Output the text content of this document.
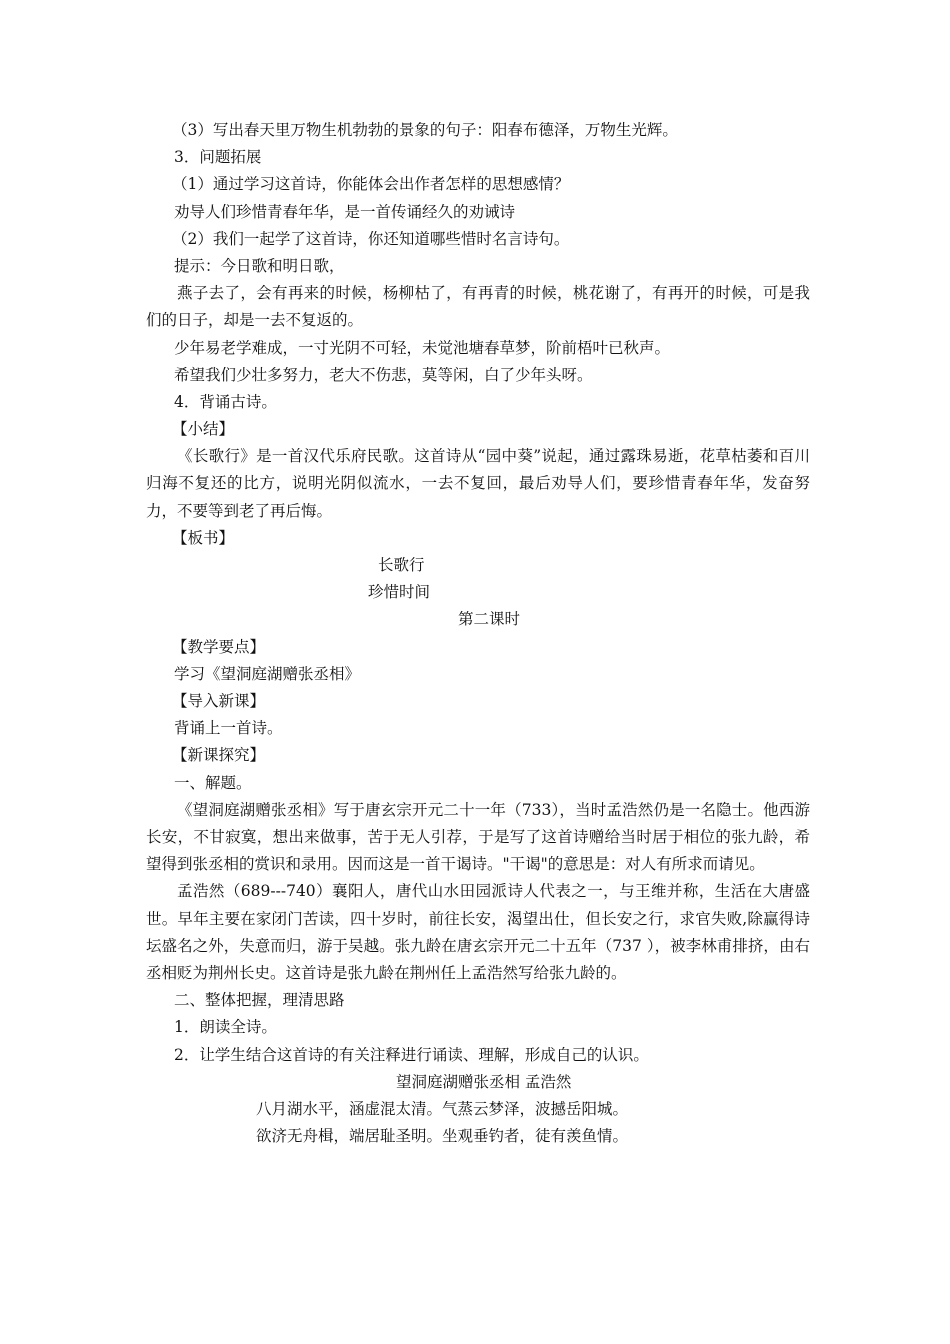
（3）写出春天里万物生机勃勃的景象的句子：阳春布德泽，万物生光辉。
3．问题拓展
（1）通过学习这首诗，你能体会出作者怎样的思想感情？
劝导人们珍惜青春年华，是一首传诵经久的劝诫诗
（2）我们一起学了这首诗，你还知道哪些惜时名言诗句。
提示：今日歌和明日歌，
燕子去了，会有再来的时候，杨柳枯了，有再青的时候，桃花谢了，有再开的时候，可是我们的日子，却是一去不复返的。
少年易老学难成，一寸光阴不可轻，未觉池塘春草梦，阶前梧叶已秋声。
希望我们少壮多努力，老大不伤悲，莫等闲，白了少年头呀。
4．背诵古诗。
【小结】
《长歌行》是一首汉代乐府民歌。这首诗从“园中葵”说起，通过露珠易逝，花草枯萎和百川归海不复还的比方，说明光阴似流水，一去不复回，最后劝导人们，要珍惜青春年华，发奋努力，不要等到老了再后悔。
【板书】
长歌行
珍惜时间
第二课时
【教学要点】
学习《望洞庭湖赠张丞相》
【导入新课】
背诵上一首诗。
【新课探究】
一、解题。
《望洞庭湖赠张丞相》写于唐玄宗开元二十一年（733），当时孟浩然仍是一名隐士。他西游长安，不甘寂寞，想出来做事，苦于无人引荐，于是写了这首诗赠给当时居于相位的张九龄，希望得到张丞相的赏识和录用。因而这是一首干谒诗。"干谒"的意思是：对人有所求而请见。
孟浩然（689---740）襄阳人，唐代山水田园派诗人代表之一，与王维并称，生活在大唐盛世。早年主要在家闭门苦读，四十岁时，前往长安，渴望出仕，但长安之行，求官失败,除赢得诗坛盛名之外，失意而归，游于吴越。张九龄在唐玄宗开元二十五年（737 ），被李林甫排挤，由右丞相贬为荆州长史。这首诗是张九龄在荆州任上孟浩然写给张九龄的。
二、整体把握，理清思路
1．朗读全诗。
2．让学生结合这首诗的有关注释进行诵读、理解，形成自己的认识。
望洞庭湖赠张丞相 孟浩然
八月湖水平，涵虚混太清。气蒸云梦泽，波撼岳阳城。
欲济无舟楫，端居耻圣明。坐观垂钓者，徒有羡鱼情。
